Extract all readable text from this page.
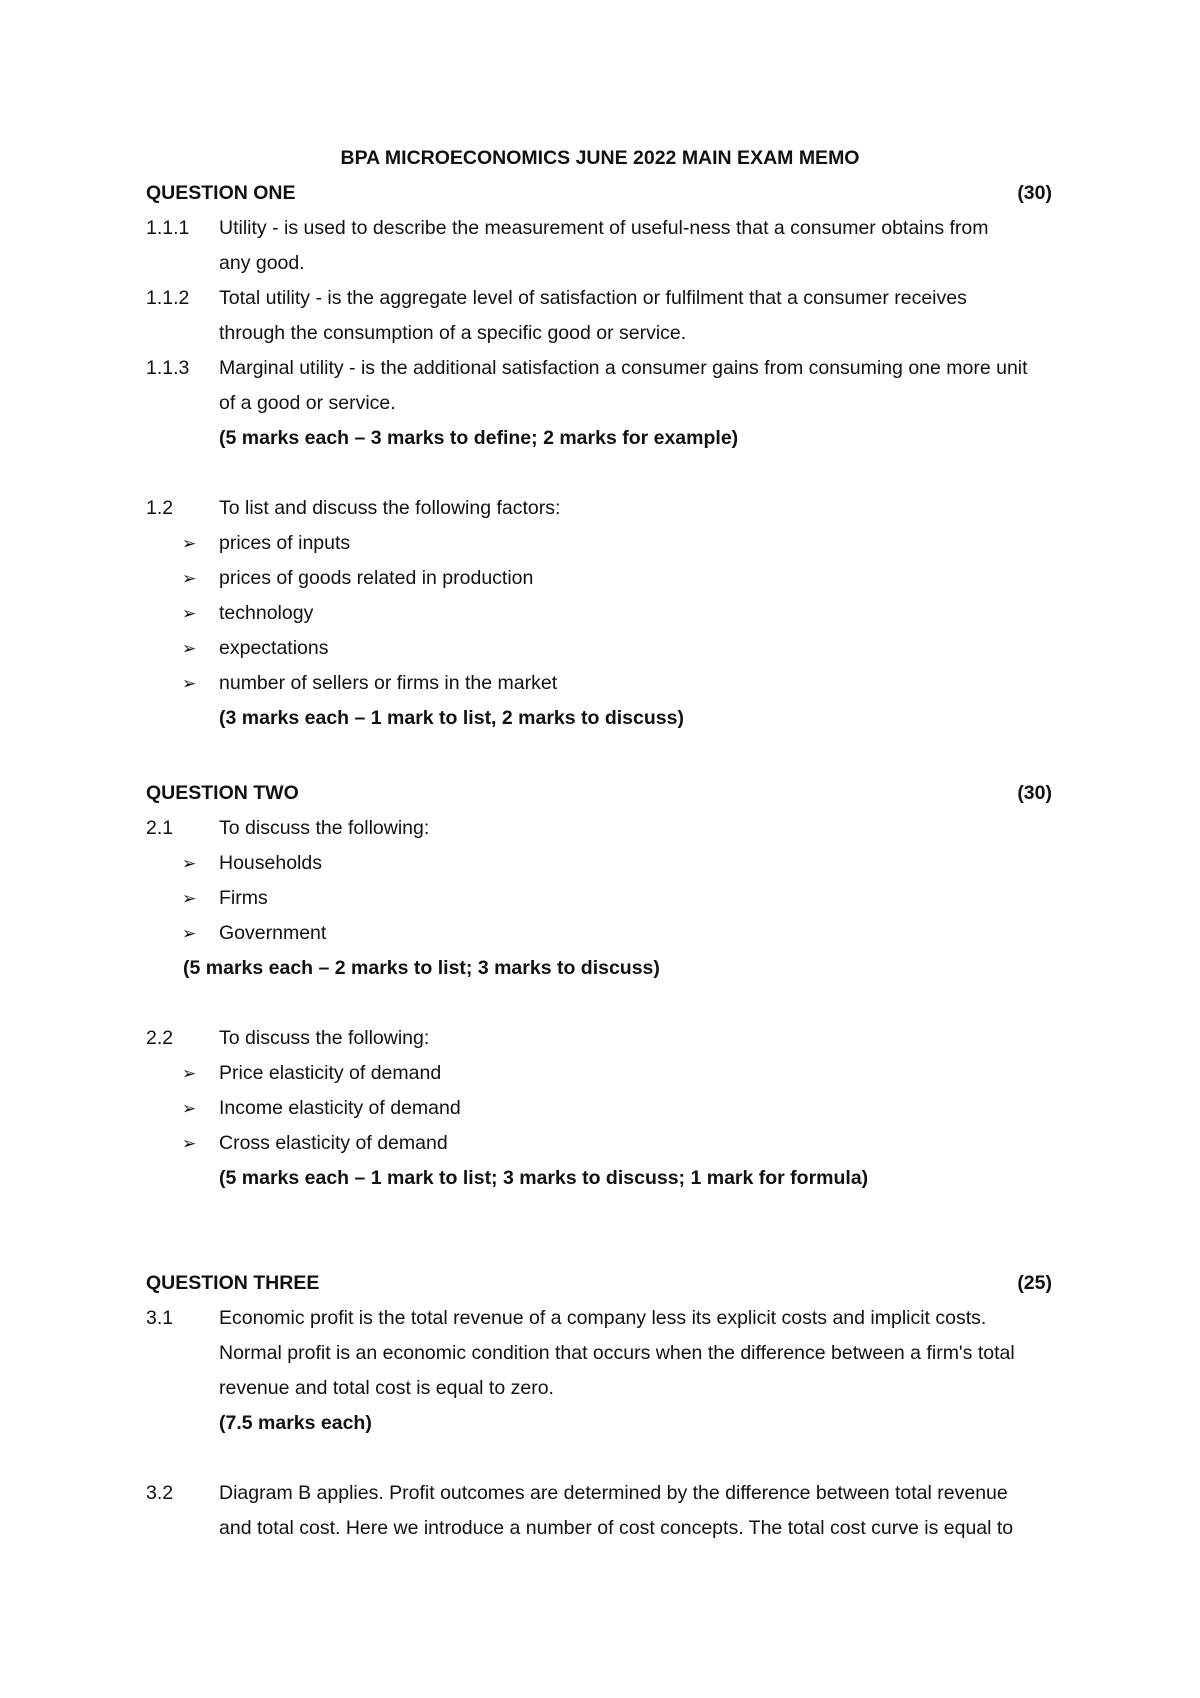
BPA MICROECONOMICS JUNE 2022 MAIN EXAM MEMO
QUESTION ONE	(30)
1.1.1 Utility - is used to describe the measurement of useful-ness that a consumer obtains from
any good.
1.1.2 Total utility - is the aggregate level of satisfaction or fulfilment that a consumer receives
through the consumption of a specific good or service.
1.1.3 Marginal utility - is the additional satisfaction a consumer gains from consuming one more unit
of a good or service.
(5 marks each – 3 marks to define; 2 marks for example)
1.2 To list and discuss the following factors:
➢ prices of inputs
➢ prices of goods related in production
➢ technology
➢ expectations
➢ number of sellers or firms in the market
(3 marks each – 1 mark to list, 2 marks to discuss)
QUESTION TWO	(30)
2.1 To discuss the following:
➢ Households
➢ Firms
➢ Government
(5 marks each – 2 marks to list; 3 marks to discuss)
2.2 To discuss the following:
➢ Price elasticity of demand
➢ Income elasticity of demand
➢ Cross elasticity of demand
(5 marks each – 1 mark to list; 3 marks to discuss; 1 mark for formula)
QUESTION THREE	(25)
3.1 Economic profit is the total revenue of a company less its explicit costs and implicit costs.
Normal profit is an economic condition that occurs when the difference between a firm's total
revenue and total cost is equal to zero.
(7.5 marks each)
3.2 Diagram B applies. Profit outcomes are determined by the difference between total revenue
and total cost. Here we introduce a number of cost concepts. The total cost curve is equal to
